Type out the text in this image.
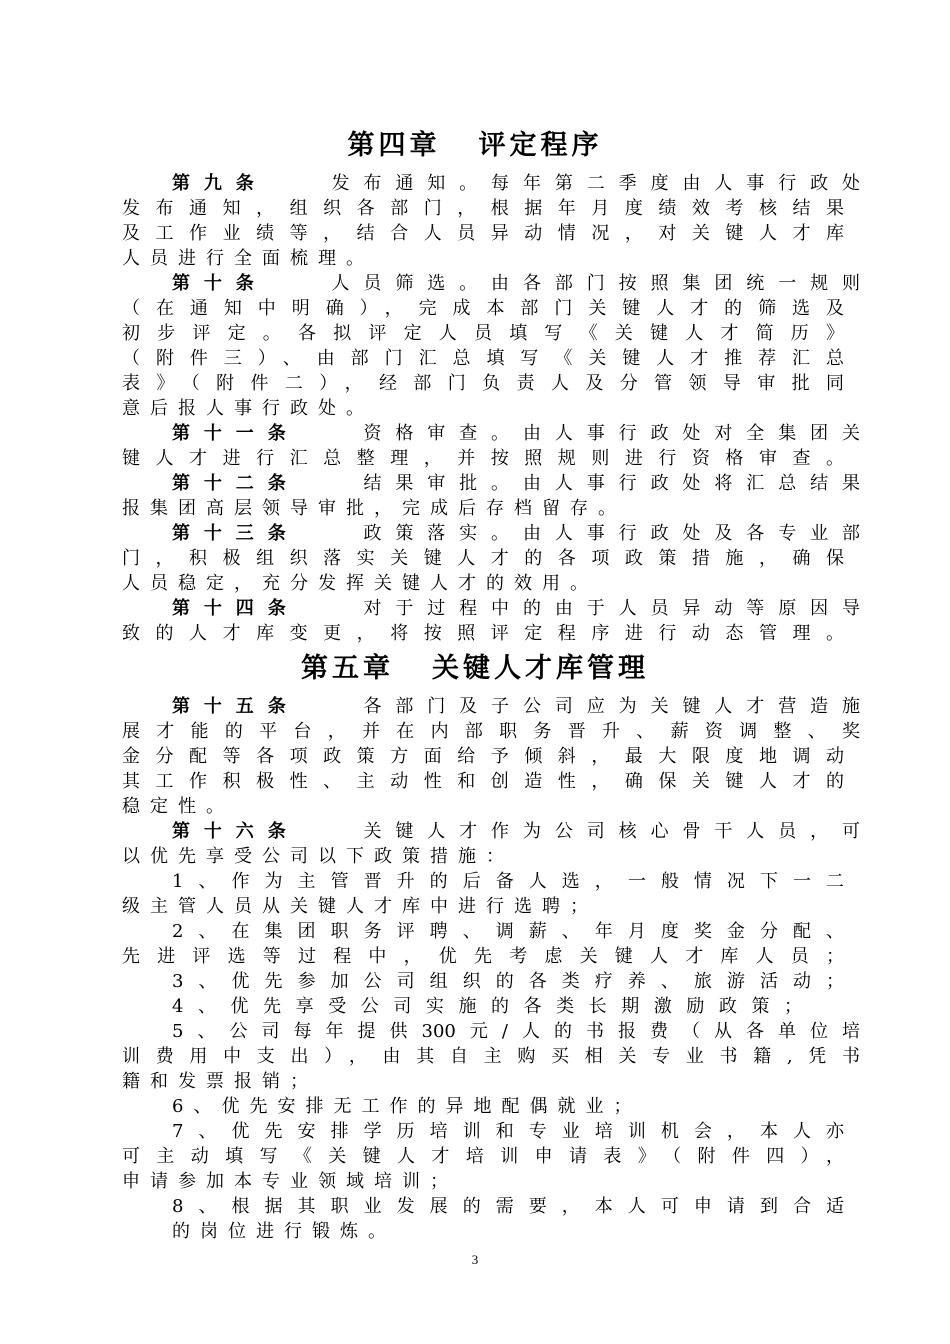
第四章 评定程序
第九条　　	发布通知。每年第二季度由人事行政处
发布通知，组织各部门，根据年月度绩效考核结果
及工作业绩等，结合人员异动情况，对关键人才库
人员进行全面梳理。
第十条　　	人员筛选。由各部门按照集团统一规则
（在通知中明确），完成本部门关键人才的筛选及
初步评定。各拟评定人员填写《关键人才简历》
（附件三）、由部门汇总填写《关键人才推荐汇总
表》（附件二），经部门负责人及分管领导审批同
意后报人事行政处。
第十一条　　	资格审查。由人事行政处对全集团关
键人才进行汇总整理，并按照规则进行资格审查。
第十二条　　	结果审批。由人事行政处将汇总结果
报集团高层领导审批，完成后存档留存。
第十三条　　	政策落实。由人事行政处及各专业部
门，积极组织落实关键人才的各项政策措施，确保
人员稳定，充分发挥关键人才的效用。
第十四条　　	对于过程中的由于人员异动等原因导
致的人才库变更，将按照评定程序进行动态管理。
第五章 关键人才库管理
第十五条　　	各部门及子公司应为关键人才营造施
展才能的平台，并在内部职务晋升、薪资调整、奖
金分配等各项政策方面给予倾斜，最大限度地调动
其工作积极性、主动性和创造性，确保关键人才的
稳定性。
第十六条　　	关键人才作为公司核心骨干人员，可
以优先享受公司以下政策措施：
1、作为主管晋升的后备人选，一般情况下一二
级主管人员从关键人才库中进行选聘；
2、在集团职务评聘、调薪、年月度奖金分配、
先进评选等过程中，优先考虑关键人才库人员；
3、优先参加公司组织的各类疗养、旅游活动；
4、优先享受公司实施的各类长期激励政策；
5、公司每年提供300元/人的书报费（从各单位培
训费用中支出），由其自主购买相关专业书籍,凭书
籍和发票报销；
6、优先安排无工作的异地配偶就业；
7、优先安排学历培训和专业培训机会，本人亦
可主动填写《关键人才培训申请表》（附件四），
申请参加本专业领域培训；
8、根据其职业发展的需要，本人可申请到合适
的岗位进行锻炼。
3
